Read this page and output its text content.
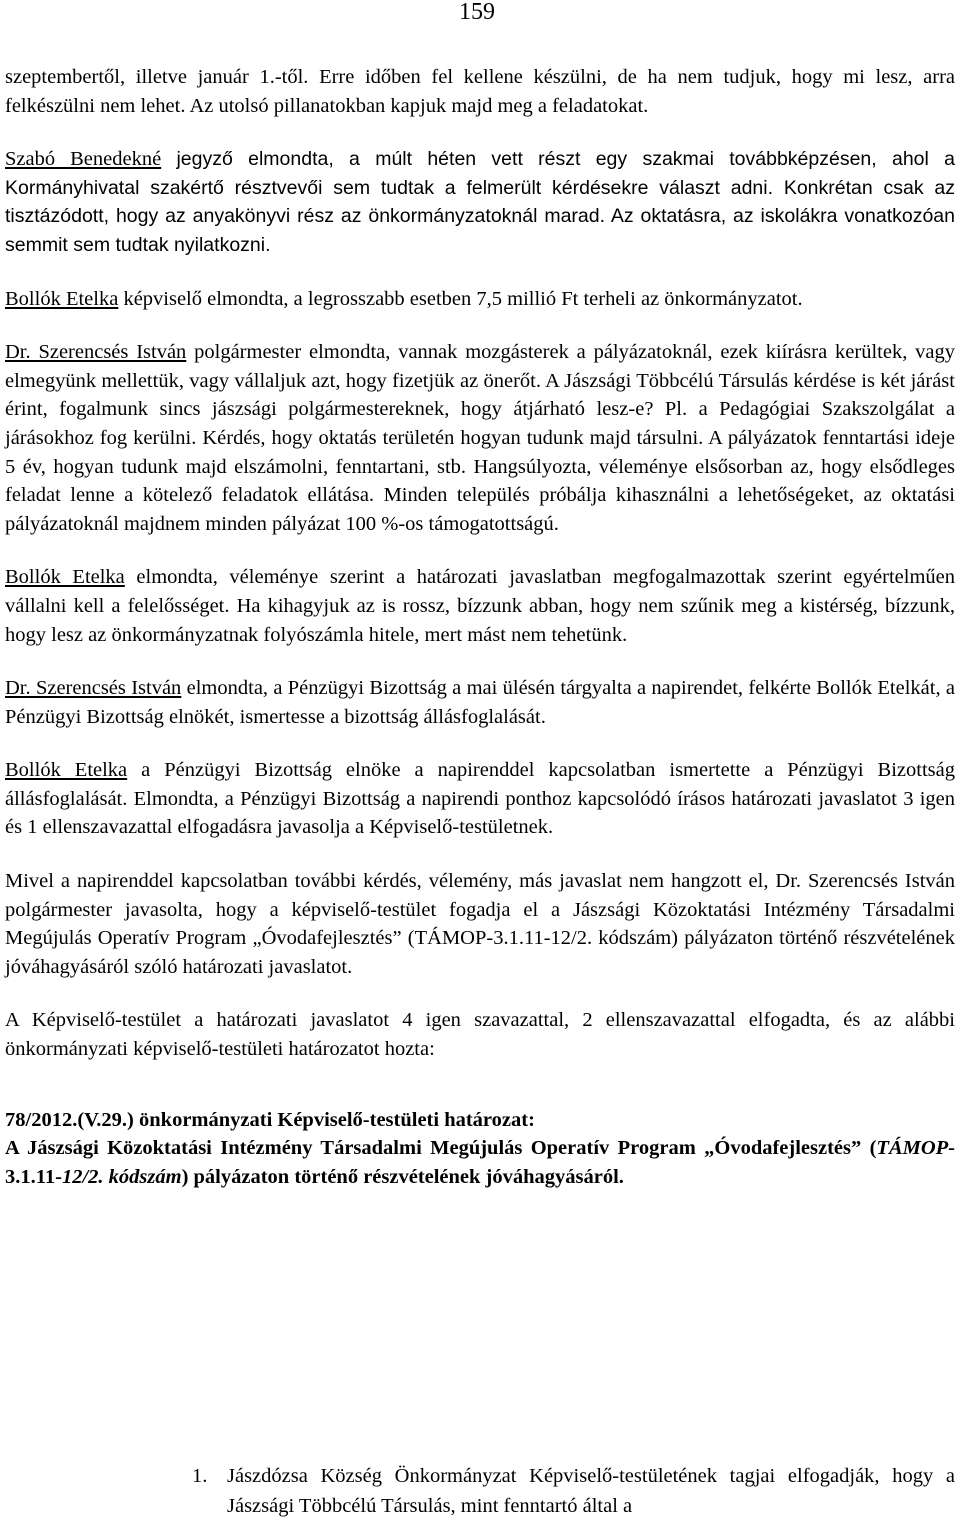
159

szeptembertől, illetve január 1.-től. Erre időben fel kellene készülni, de ha nem tudjuk, hogy mi lesz, arra felkészülni nem lehet. Az utolsó pillanatokban kapjuk majd meg a feladatokat.

Szabó Benedekné jegyző elmondta, a múlt héten vett részt egy szakmai továbbképzésen, ahol a Kormányhivatal szakértő résztvevői sem tudtak a felmerült kérdésekre választ adni. Konkrétan csak az tisztázódott, hogy az anyakönyvi rész az önkormányzatoknál marad. Az oktatásra, az iskolákra vonatkozóan semmit sem tudtak nyilatkozni.

Bollók Etelka képviselő elmondta, a legrosszabb esetben 7,5 millió Ft terheli az önkormányzatot.

Dr. Szerencsés István polgármester elmondta, vannak mozgásterek a pályázatoknál, ezek kiírásra kerültek, vagy elmegyünk mellettük, vagy vállaljuk azt, hogy fizetjük az önerőt. A Jászsági Többcélú Társulás kérdése is két járást érint, fogalmunk sincs jászsági polgármestereknek, hogy átjárható lesz-e? Pl. a Pedagógiai Szakszolgálat a járásokhoz fog kerülni. Kérdés, hogy oktatás területén hogyan tudunk majd társulni. A pályázatok fenntartási ideje 5 év, hogyan tudunk majd elszámolni, fenntartani, stb. Hangsúlyozta, véleménye elsősorban az, hogy elsődleges feladat lenne a kötelező feladatok ellátása. Minden település próbálja kihasználni a lehetőségeket, az oktatási pályázatoknál majdnem minden pályázat 100 %-os támogatottságú.

Bollók Etelka elmondta, véleménye szerint a határozati javaslatban megfogalmazottak szerint egyértelműen vállalni kell a felelősséget. Ha kihagyjuk az is rossz, bízzunk abban, hogy nem szűnik meg a kistérség, bízzunk, hogy lesz az önkormányzatnak folyószámla hitele, mert mást nem tehetünk.

Dr. Szerencsés István elmondta, a Pénzügyi Bizottság a mai ülésén tárgyalta a napirendet, felkérte Bollók Etelkát, a Pénzügyi Bizottság elnökét, ismertesse a bizottság állásfoglalását.

Bollók Etelka a Pénzügyi Bizottság elnöke a napirenddel kapcsolatban ismertette a Pénzügyi Bizottság állásfoglalását. Elmondta, a Pénzügyi Bizottság a napirendi ponthoz kapcsolódó írásos határozati javaslatot 3 igen és 1 ellenszavazattal elfogadásra javasolja a Képviselő-testületnek.

Mivel a napirenddel kapcsolatban további kérdés, vélemény, más javaslat nem hangzott el, Dr. Szerencsés István polgármester javasolta, hogy a képviselő-testület fogadja el a Jászsági Közoktatási Intézmény Társadalmi Megújulás Operatív Program „Óvodafejlesztés” (TÁMOP-3.1.11-12/2. kódszám) pályázaton történő részvételének jóváhagyásáról szóló határozati javaslatot.

A Képviselő-testület a határozati javaslatot 4 igen szavazattal, 2 ellenszavazattal elfogadta, és az alábbi önkormányzati képviselő-testületi határozatot hozta:

78/2012.(V.29.) önkormányzati Képviselő-testületi határozat:

A Jászsági Közoktatási Intézmény Társadalmi Megújulás Operatív Program „Óvodafejlesztés” (TÁMOP-3.1.11-12/2. kódszám) pályázaton történő részvételének jóváhagyásáról.

1. Jászdózsa Község Önkormányzat Képviselő-testületének tagjai elfogadják, hogy a Jászsági Többcélú Társulás, mint fenntartó által a
